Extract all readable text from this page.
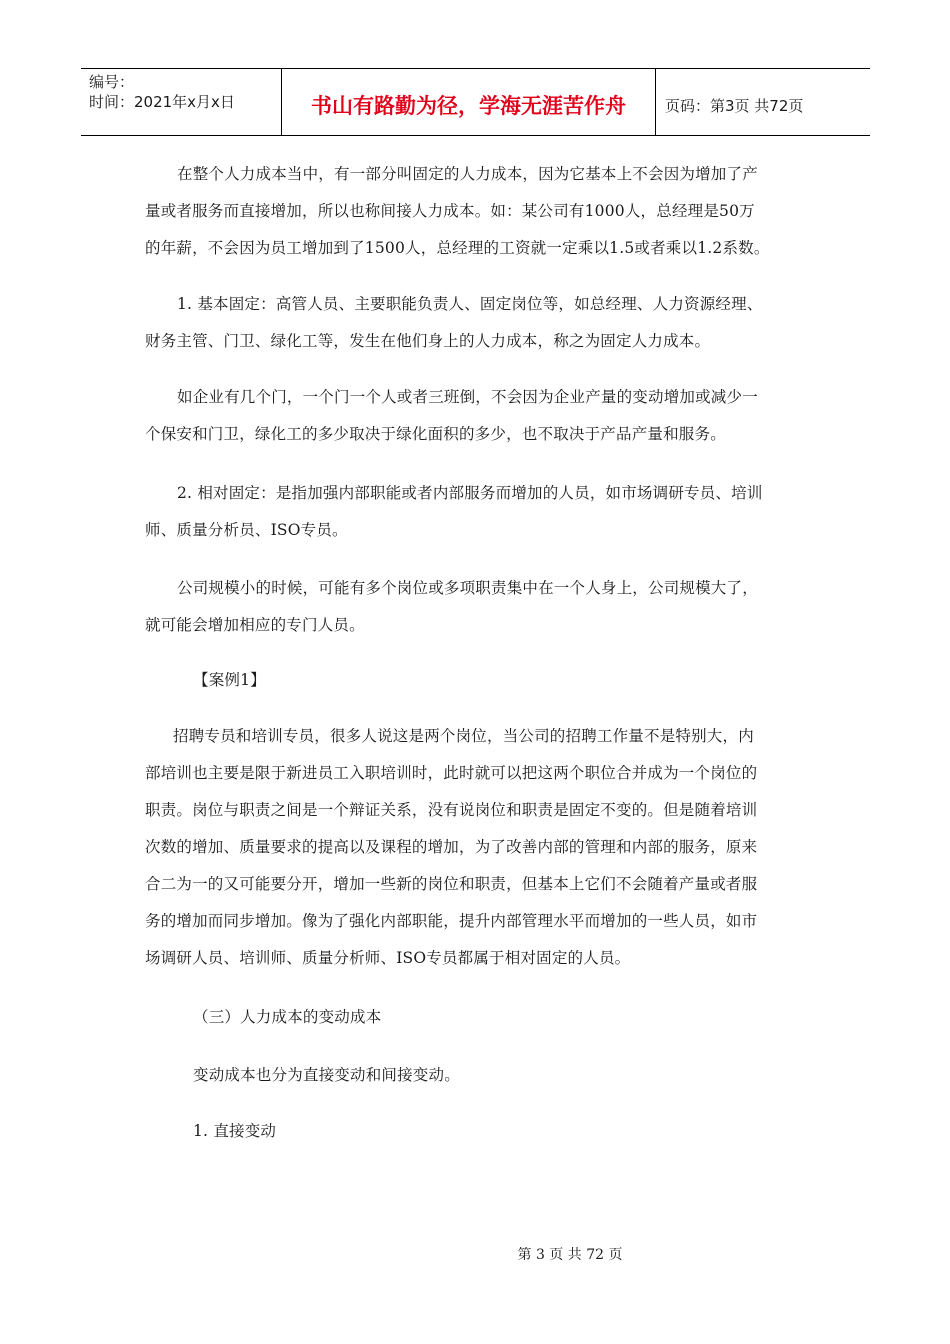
编号：
时间：2021年x月x日	书山有路勤为径，学海无涯苦作舟	页码：第3页 共72页
在整个人力成本当中，有一部分叫固定的人力成本，因为它基本上不会因为增加了产
量或者服务而直接增加，所以也称间接人力成本。如：某公司有1000人，总经理是50万
的年薪，不会因为员工增加到了1500人，总经理的工资就一定乘以1.5或者乘以1.2系数。
1. 基本固定：高管人员、主要职能负责人、固定岗位等，如总经理、人力资源经理、
财务主管、门卫、绿化工等，发生在他们身上的人力成本，称之为固定人力成本。
如企业有几个门，一个门一个人或者三班倒，不会因为企业产量的变动增加或减少一
个保安和门卫，绿化工的多少取决于绿化面积的多少，也不取决于产品产量和服务。
2. 相对固定：是指加强内部职能或者内部服务而增加的人员，如市场调研专员、培训
师、质量分析员、ISO专员。
公司规模小的时候，可能有多个岗位或多项职责集中在一个人身上，公司规模大了，
就可能会增加相应的专门人员。
【案例1】
招聘专员和培训专员，很多人说这是两个岗位，当公司的招聘工作量不是特别大，内
部培训也主要是限于新进员工入职培训时，此时就可以把这两个职位合并成为一个岗位的
职责。岗位与职责之间是一个辩证关系，没有说岗位和职责是固定不变的。但是随着培训
次数的增加、质量要求的提高以及课程的增加，为了改善内部的管理和内部的服务，原来
合二为一的又可能要分开，增加一些新的岗位和职责，但基本上它们不会随着产量或者服
务的增加而同步增加。像为了强化内部职能，提升内部管理水平而增加的一些人员，如市
场调研人员、培训师、质量分析师、ISO专员都属于相对固定的人员。
（三）人力成本的变动成本
变动成本也分为直接变动和间接变动。
1. 直接变动
第 3 页 共 72 页
